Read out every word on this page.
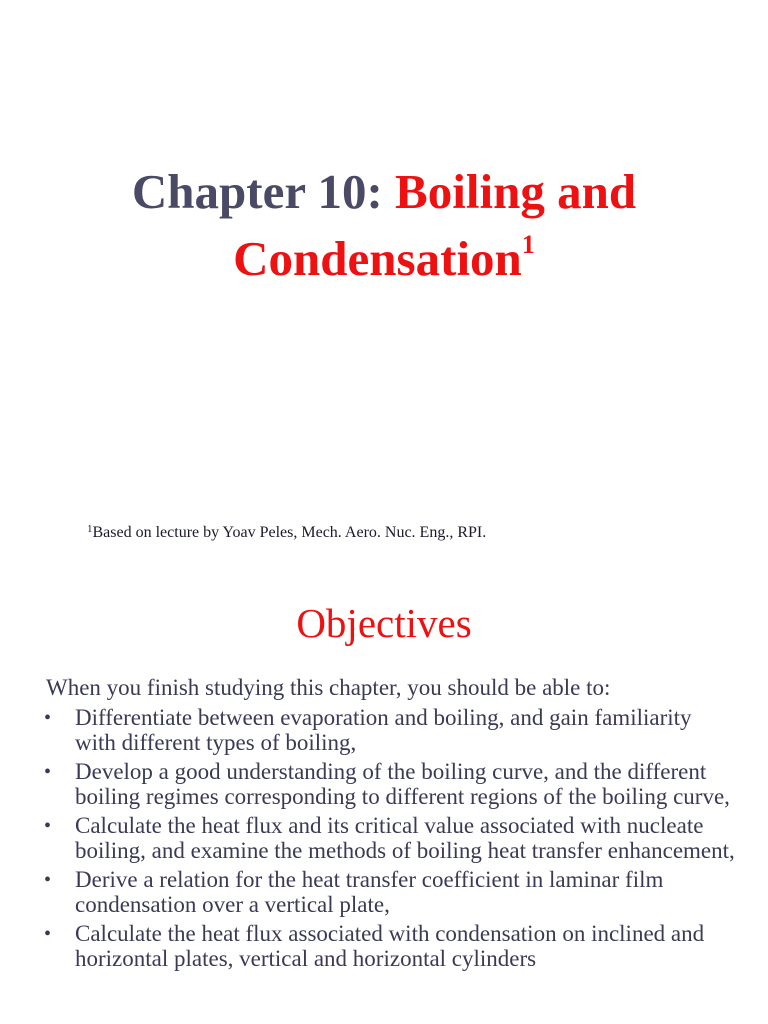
Chapter 10: Boiling and
Condensation$^1$

$^1$Based on lecture by Yoav Peles, Mech. Aero. Nuc. Eng., RPI.

Objectives

When you finish studying this chapter, you should be able to:

• Differentiate between evaporation and boiling, and gain familiarity with different types of boiling,
• Develop a good understanding of the boiling curve, and the different boiling regimes corresponding to different regions of the boiling curve,
• Calculate the heat flux and its critical value associated with nucleate boiling, and examine the methods of boiling heat transfer enhancement,
• Derive a relation for the heat transfer coefficient in laminar film condensation over a vertical plate,
• Calculate the heat flux associated with condensation on inclined and horizontal plates, vertical and horizontal cylinders
